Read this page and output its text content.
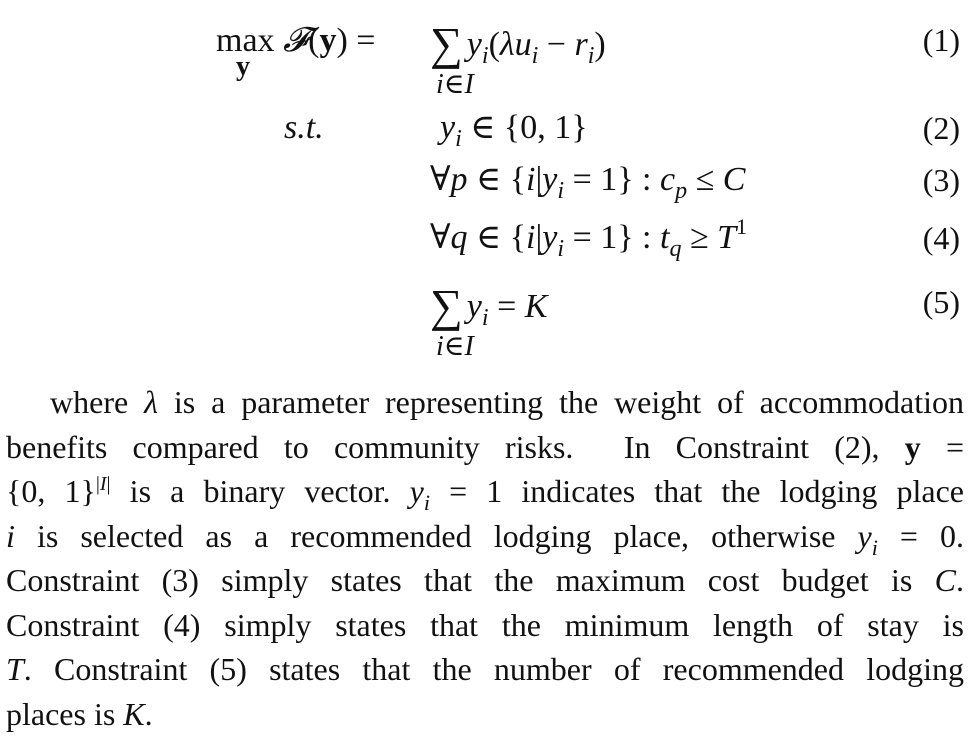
max 𝓕(y) =
y	∑ $y_i(\lambda u_i - r_i)$
i∈I
(1)
s.t.	$y_i$ ∈ {0, 1}	(2)
∀p ∈ $\{i|y_i = 1\}$ : $c_p \le C$	(3)
∀q ∈ $\{i|y_i = 1\}$ : $t_q \ge T^1$	(4)
∑ $y_i = K$
i∈I
(5)
where λ is a parameter representing the weight of accommodation
benefits compared to community risks.  In Constraint (2), y =
{0, 1}$^{|I|}$ is a binary vector. $y_i = 1$ indicates that the lodging place
i is selected as a recommended lodging place, otherwise $y_i = 0$.
Constraint (3) simply states that the maximum cost budget is C.
Constraint (4) simply states that the minimum length of stay is
T. Constraint (5) states that the number of recommended lodging
places is K.
